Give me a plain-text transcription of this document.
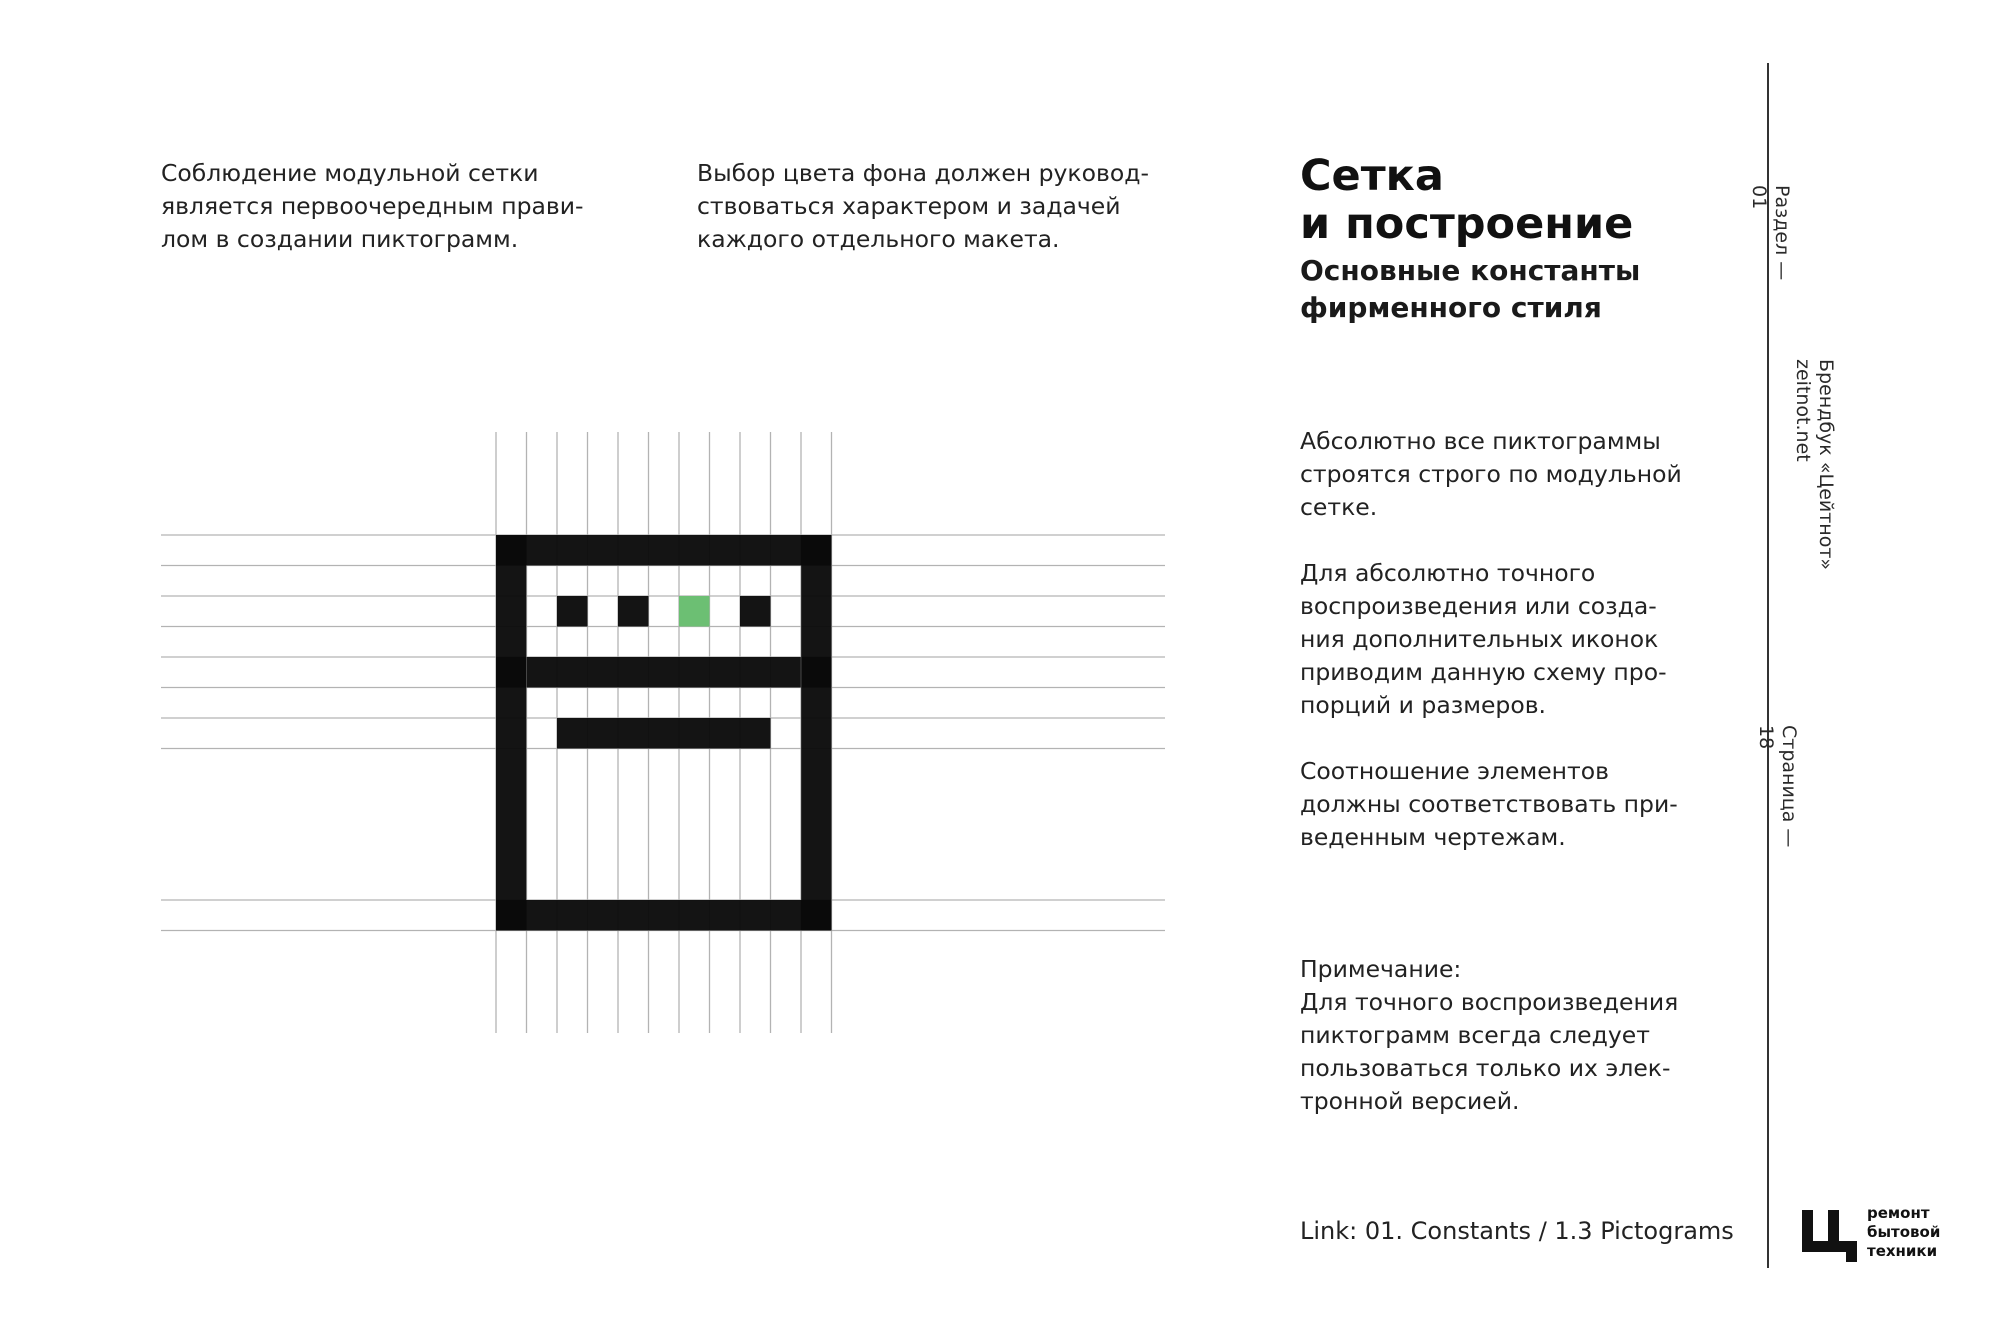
Соблюдение модульной сетки
является первоочередным прави-
лом в создании пиктограмм.

Выбор цвета фона должен руковод-
ствоваться характером и задачей
каждого отдельного макета.

Сетка
и построение
Основные константы
фирменного стиля

Абсолютно все пиктограммы
строятся строго по модульной
сетке.

Для абсолютно точного
воспроизведения или созда-
ния дополнительных иконок
приводим данную схему про-
порций и размеров.

Соотношение элементов
должны соответствовать при-
веденным чертежам.

Примечание:

Для точного воспроизведения
пиктограмм всегда следует
пользоваться только их элек-
тронной версией.

Link: 01. Constants / 1.3 Pictograms

Раздел —
01
Брендбук «Цейтнот»
zeitnot.net
Страница —
18

ремонт
бытовой
техники
